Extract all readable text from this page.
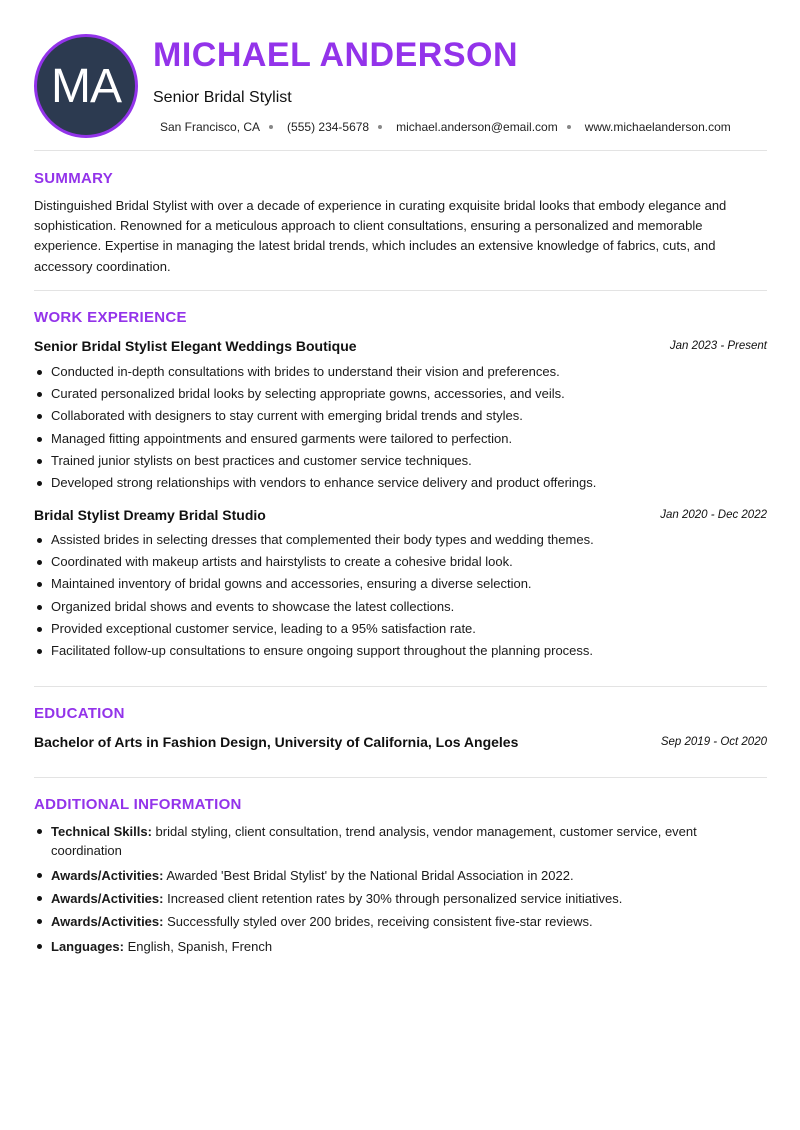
MA
MICHAEL ANDERSON
Senior Bridal Stylist
San Francisco, CA (555) 234-5678 michael.anderson@email.com www.michaelanderson.com
SUMMARY
Distinguished Bridal Stylist with over a decade of experience in curating exquisite bridal looks that embody elegance and sophistication. Renowned for a meticulous approach to client consultations, ensuring a personalized and memorable experience. Expertise in managing the latest bridal trends, which includes an extensive knowledge of fabrics, cuts, and accessory coordination.
WORK EXPERIENCE
Senior Bridal Stylist Elegant Weddings Boutique	Jan 2023 - Present
Conducted in-depth consultations with brides to understand their vision and preferences.
Curated personalized bridal looks by selecting appropriate gowns, accessories, and veils.
Collaborated with designers to stay current with emerging bridal trends and styles.
Managed fitting appointments and ensured garments were tailored to perfection.
Trained junior stylists on best practices and customer service techniques.
Developed strong relationships with vendors to enhance service delivery and product offerings.
Bridal Stylist Dreamy Bridal Studio	Jan 2020 - Dec 2022
Assisted brides in selecting dresses that complemented their body types and wedding themes.
Coordinated with makeup artists and hairstylists to create a cohesive bridal look.
Maintained inventory of bridal gowns and accessories, ensuring a diverse selection.
Organized bridal shows and events to showcase the latest collections.
Provided exceptional customer service, leading to a 95% satisfaction rate.
Facilitated follow-up consultations to ensure ongoing support throughout the planning process.
EDUCATION
Bachelor of Arts in Fashion Design, University of California, Los Angeles	Sep 2019 - Oct 2020
ADDITIONAL INFORMATION
Technical Skills: bridal styling, client consultation, trend analysis, vendor management, customer service, event coordination
Awards/Activities: Awarded 'Best Bridal Stylist' by the National Bridal Association in 2022.
Awards/Activities: Increased client retention rates by 30% through personalized service initiatives.
Awards/Activities: Successfully styled over 200 brides, receiving consistent five-star reviews.
Languages: English, Spanish, French
